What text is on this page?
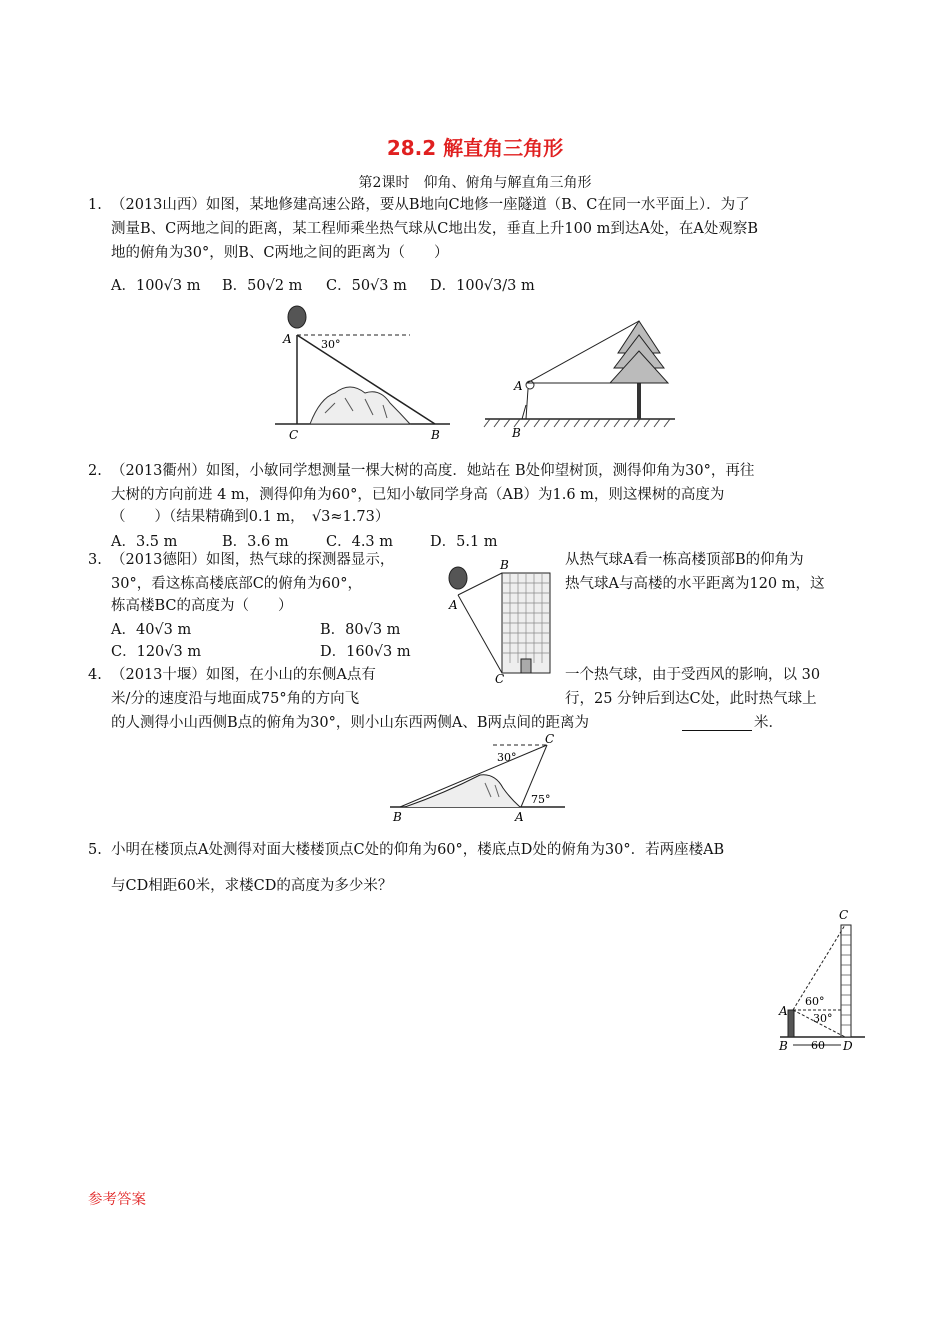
28.2 解直角三角形
第2课时　仰角、俯角与解直角三角形
1. （2013山西）如图，某地修建高速公路，要从B地向C地修一座隧道（B、C在同一水平面上）．为了
测量B、C两地之间的距离，某工程师乘坐热气球从C地出发，垂直上升100 m到达A处，在A处观察B
地的俯角为30°，则B、C两地之间的距离为（　　）
A．100√3 m B．50√2 m C．50√3 m D．100√3/3 m
A	30°
C	B
A
B
2. （2013衢州）如图，小敏同学想测量一棵大树的高度．她站在 B处仰望树顶，测得仰角为30°，再往
大树的方向前进 4 m，测得仰角为60°，已知小敏同学身高（AB）为1.6 m，则这棵树的高度为
（　　）（结果精确到0.1 m，　√3≈1.73）
A．3.5 m	B．3.6 m	C．4.3 m	D．5.1 m
3. （2013德阳）如图，热气球的探测器显示，	从热气球A看一栋高楼顶部B的仰角为
30°，看这栋高楼底部C的俯角为60°，	热气球A与高楼的水平距离为120 m，这
栋高楼BC的高度为（　　）
A．40√3 m	B．80√3 m
C．120√3 m	D．160√3 m
B
A
C
4. （2013十堰）如图，在小山的东侧A点有	一个热气球，由于受西风的影响，以 30
米/分的速度沿与地面成75°角的方向飞	行，25 分钟后到达C处，此时热气球上
的人测得小山西侧B点的俯角为30°，则小山东西两侧A、B两点间的距离为	米．
30°
75°
C
B	A
5. 小明在楼顶点A处测得对面大楼楼顶点C处的仰角为60°，楼底点D处的俯角为30°．若两座楼AB
与CD相距60米，求楼CD的高度为多少米？
C
A
B	D
60°
30°
60
参考答案
